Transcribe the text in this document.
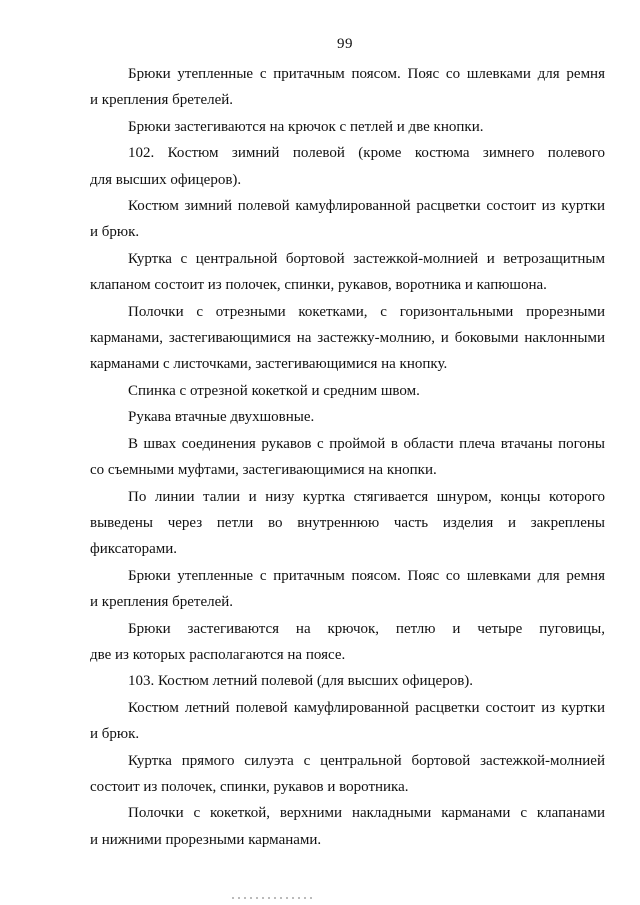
99
Брюки утепленные с притачным поясом. Пояс со шлевками для ремня
и крепления бретелей.
Брюки застегиваются на крючок с петлей и две кнопки.
102. Костюм зимний полевой (кроме костюма зимнего полевого
для высших офицеров).
Костюм зимний полевой камуфлированной расцветки состоит из куртки
и брюк.
Куртка с центральной бортовой застежкой-молнией и ветрозащитным
клапаном состоит из полочек, спинки, рукавов, воротника и капюшона.
Полочки с отрезными кокетками, с горизонтальными прорезными
карманами, застегивающимися на застежку-молнию, и боковыми наклонными
карманами с листочками, застегивающимися на кнопку.
Спинка с отрезной кокеткой и средним швом.
Рукава втачные двухшовные.
В швах соединения рукавов с проймой в области плеча втачаны погоны
со съемными муфтами, застегивающимися на кнопки.
По линии талии и низу куртка стягивается шнуром, концы которого
выведены через петли во внутреннюю часть изделия и закреплены
фиксаторами.
Брюки утепленные с притачным поясом. Пояс со шлевками для ремня
и крепления бретелей.
Брюки застегиваются на крючок, петлю и четыре пуговицы,
две из которых располагаются на поясе.
103. Костюм летний полевой (для высших офицеров).
Костюм летний полевой камуфлированной расцветки состоит из куртки
и брюк.
Куртка прямого силуэта с центральной бортовой застежкой-молнией
состоит из полочек, спинки, рукавов и воротника.
Полочки с кокеткой, верхними накладными карманами с клапанами
и нижними прорезными карманами.
